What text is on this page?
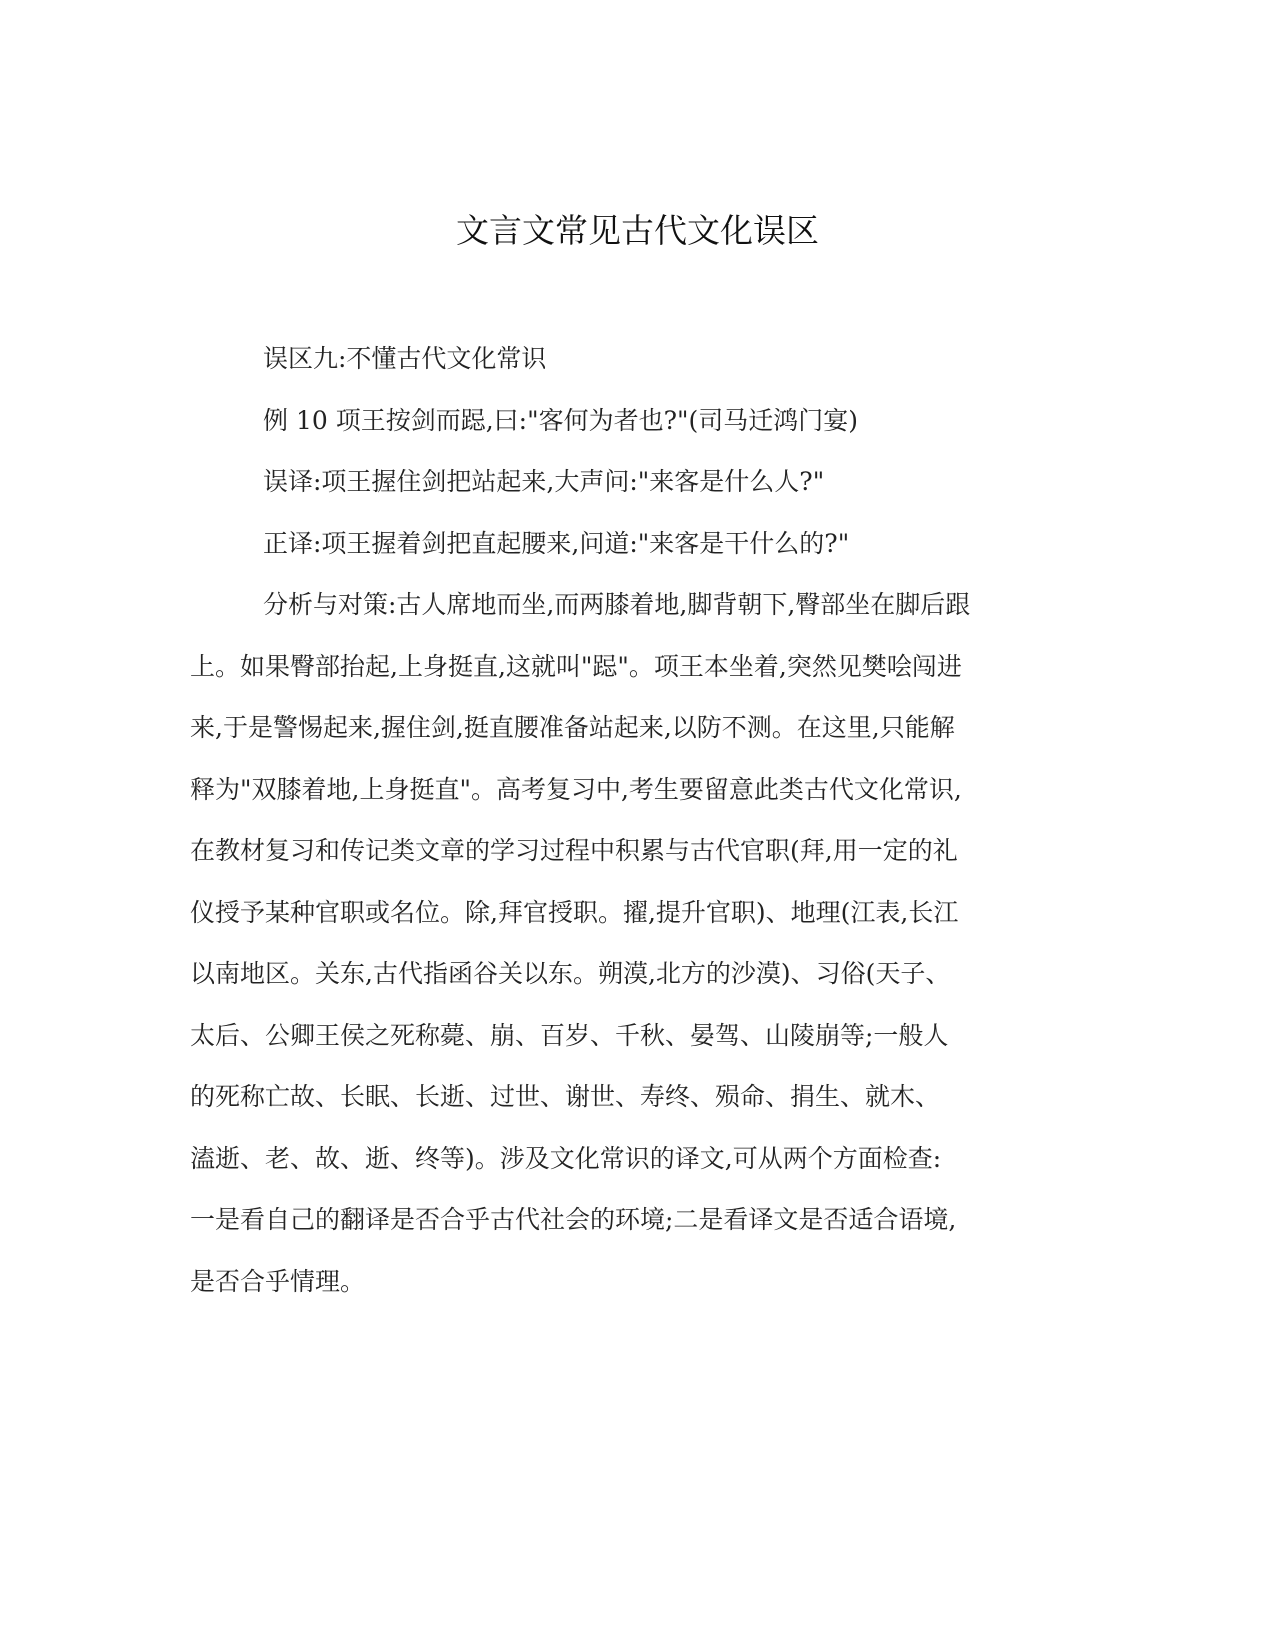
文言文常见古代文化误区

误区九:不懂古代文化常识

例 10 项王按剑而跽,曰:"客何为者也?"(司马迁鸿门宴)

误译:项王握住剑把站起来,大声问:"来客是什么人?"

正译:项王握着剑把直起腰来,问道:"来客是干什么的?"

分析与对策:古人席地而坐,而两膝着地,脚背朝下,臀部坐在脚后跟

上。如果臀部抬起,上身挺直,这就叫"跽"。项王本坐着,突然见樊哙闯进

来,于是警惕起来,握住剑,挺直腰准备站起来,以防不测。在这里,只能解

释为"双膝着地,上身挺直"。高考复习中,考生要留意此类古代文化常识,

在教材复习和传记类文章的学习过程中积累与古代官职(拜,用一定的礼

仪授予某种官职或名位。除,拜官授职。擢,提升官职)、地理(江表,长江

以南地区。关东,古代指函谷关以东。朔漠,北方的沙漠)、习俗(天子、

太后、公卿王侯之死称薨、崩、百岁、千秋、晏驾、山陵崩等;一般人

的死称亡故、长眠、长逝、过世、谢世、寿终、殒命、捐生、就木、

溘逝、老、故、逝、终等)。涉及文化常识的译文,可从两个方面检查:

一是看自己的翻译是否合乎古代社会的环境;二是看译文是否适合语境,

是否合乎情理。
